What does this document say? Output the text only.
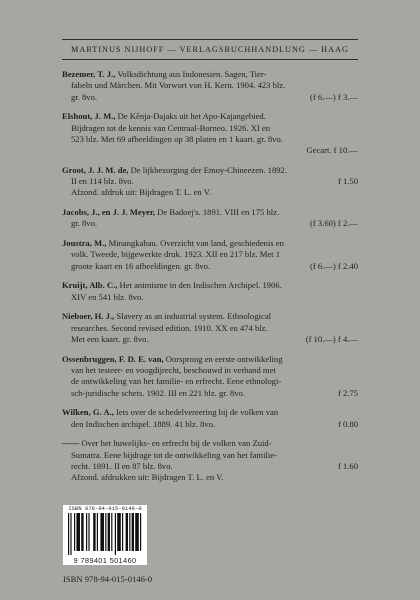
MARTINUS NIJHOFF — VERLAGSBUCHHANDLUNG — HAAG
Bezemer, T. J., Volksdichtung aus Indonesien. Sagen, Tier-
fabeln und Märchen. Mit Vorwort von H. Kern. 1904. 423 blz.
gr. 8vo.	(f 6.—) f 3.—
Elshout, J. M., De Kĕnja-Dajaks uit het Apo-Kajangebied.
Bijdragen tot de kennis van Centraal-Borneo. 1926. XI en
523 blz. Met 69 afbeeldingen op 38 platen en 1 kaart. gr. 8vo.
Gecart. f 10.—
Groot, J. J. M. de, De lijkbezorging der Emoy-Chineezen. 1892.
II en 114 blz. 8vo.	f 1.50
Afzond. afdruk uit: Bijdragen T. L. en V.
Jacobs, J., en J. J. Meyer, De Badoej's. 1891. VIII en 175 blz.
gr. 8vo.	(f 3.60) f 2.—
Joustra, M., Minangkabau. Overzicht van land, geschiedenis en
volk. Tweede, bijgewerkte druk. 1923. XII en 217 blz. Met 1
groote kaart en 16 afbeeldingen. gr. 8vo.	(f 6.—) f 2.40
Kruijt, Alb. C., Het animisme in den Indischen Archipel. 1906.
XIV en 541 blz. 8vo.
Nieboer, H. J., Slavery as an industrial system. Ethnological
researches. Second revised edition. 1910. XX en 474 blz.
Met een kaart. gr. 8vo.	(f 10.—) f 4.—
Ossenbruggen, F. D. E. van, Oorsprong en eerste ontwikkeling
van het testeer- en voogdijrecht, beschouwd in verband met
de ontwikkeling van het familie- en erfrecht. Eene ethnologi-
sch-juridische schets. 1902. III en 221 blz. gr. 8vo.	f 2.75
Wilken, G. A., Iets over de schedelvereering bij de volken van
den Indischen archipel. 1889. 41 blz. 8vo.	f 0.80
—— Over het huwelijks- en erfrecht bij de volken van Zuid-
Sumatra. Eene bijdrage tot de ontwikkeling van het familie-
recht. 1891. II en 87 blz. 8vo.	f 1.60
Afzond. afdrukken uit: Bijdragen T. L. en V.
ISBN 978-94-015-0146-0
9 789401 501460
ISBN 978-94-015-0146-0
